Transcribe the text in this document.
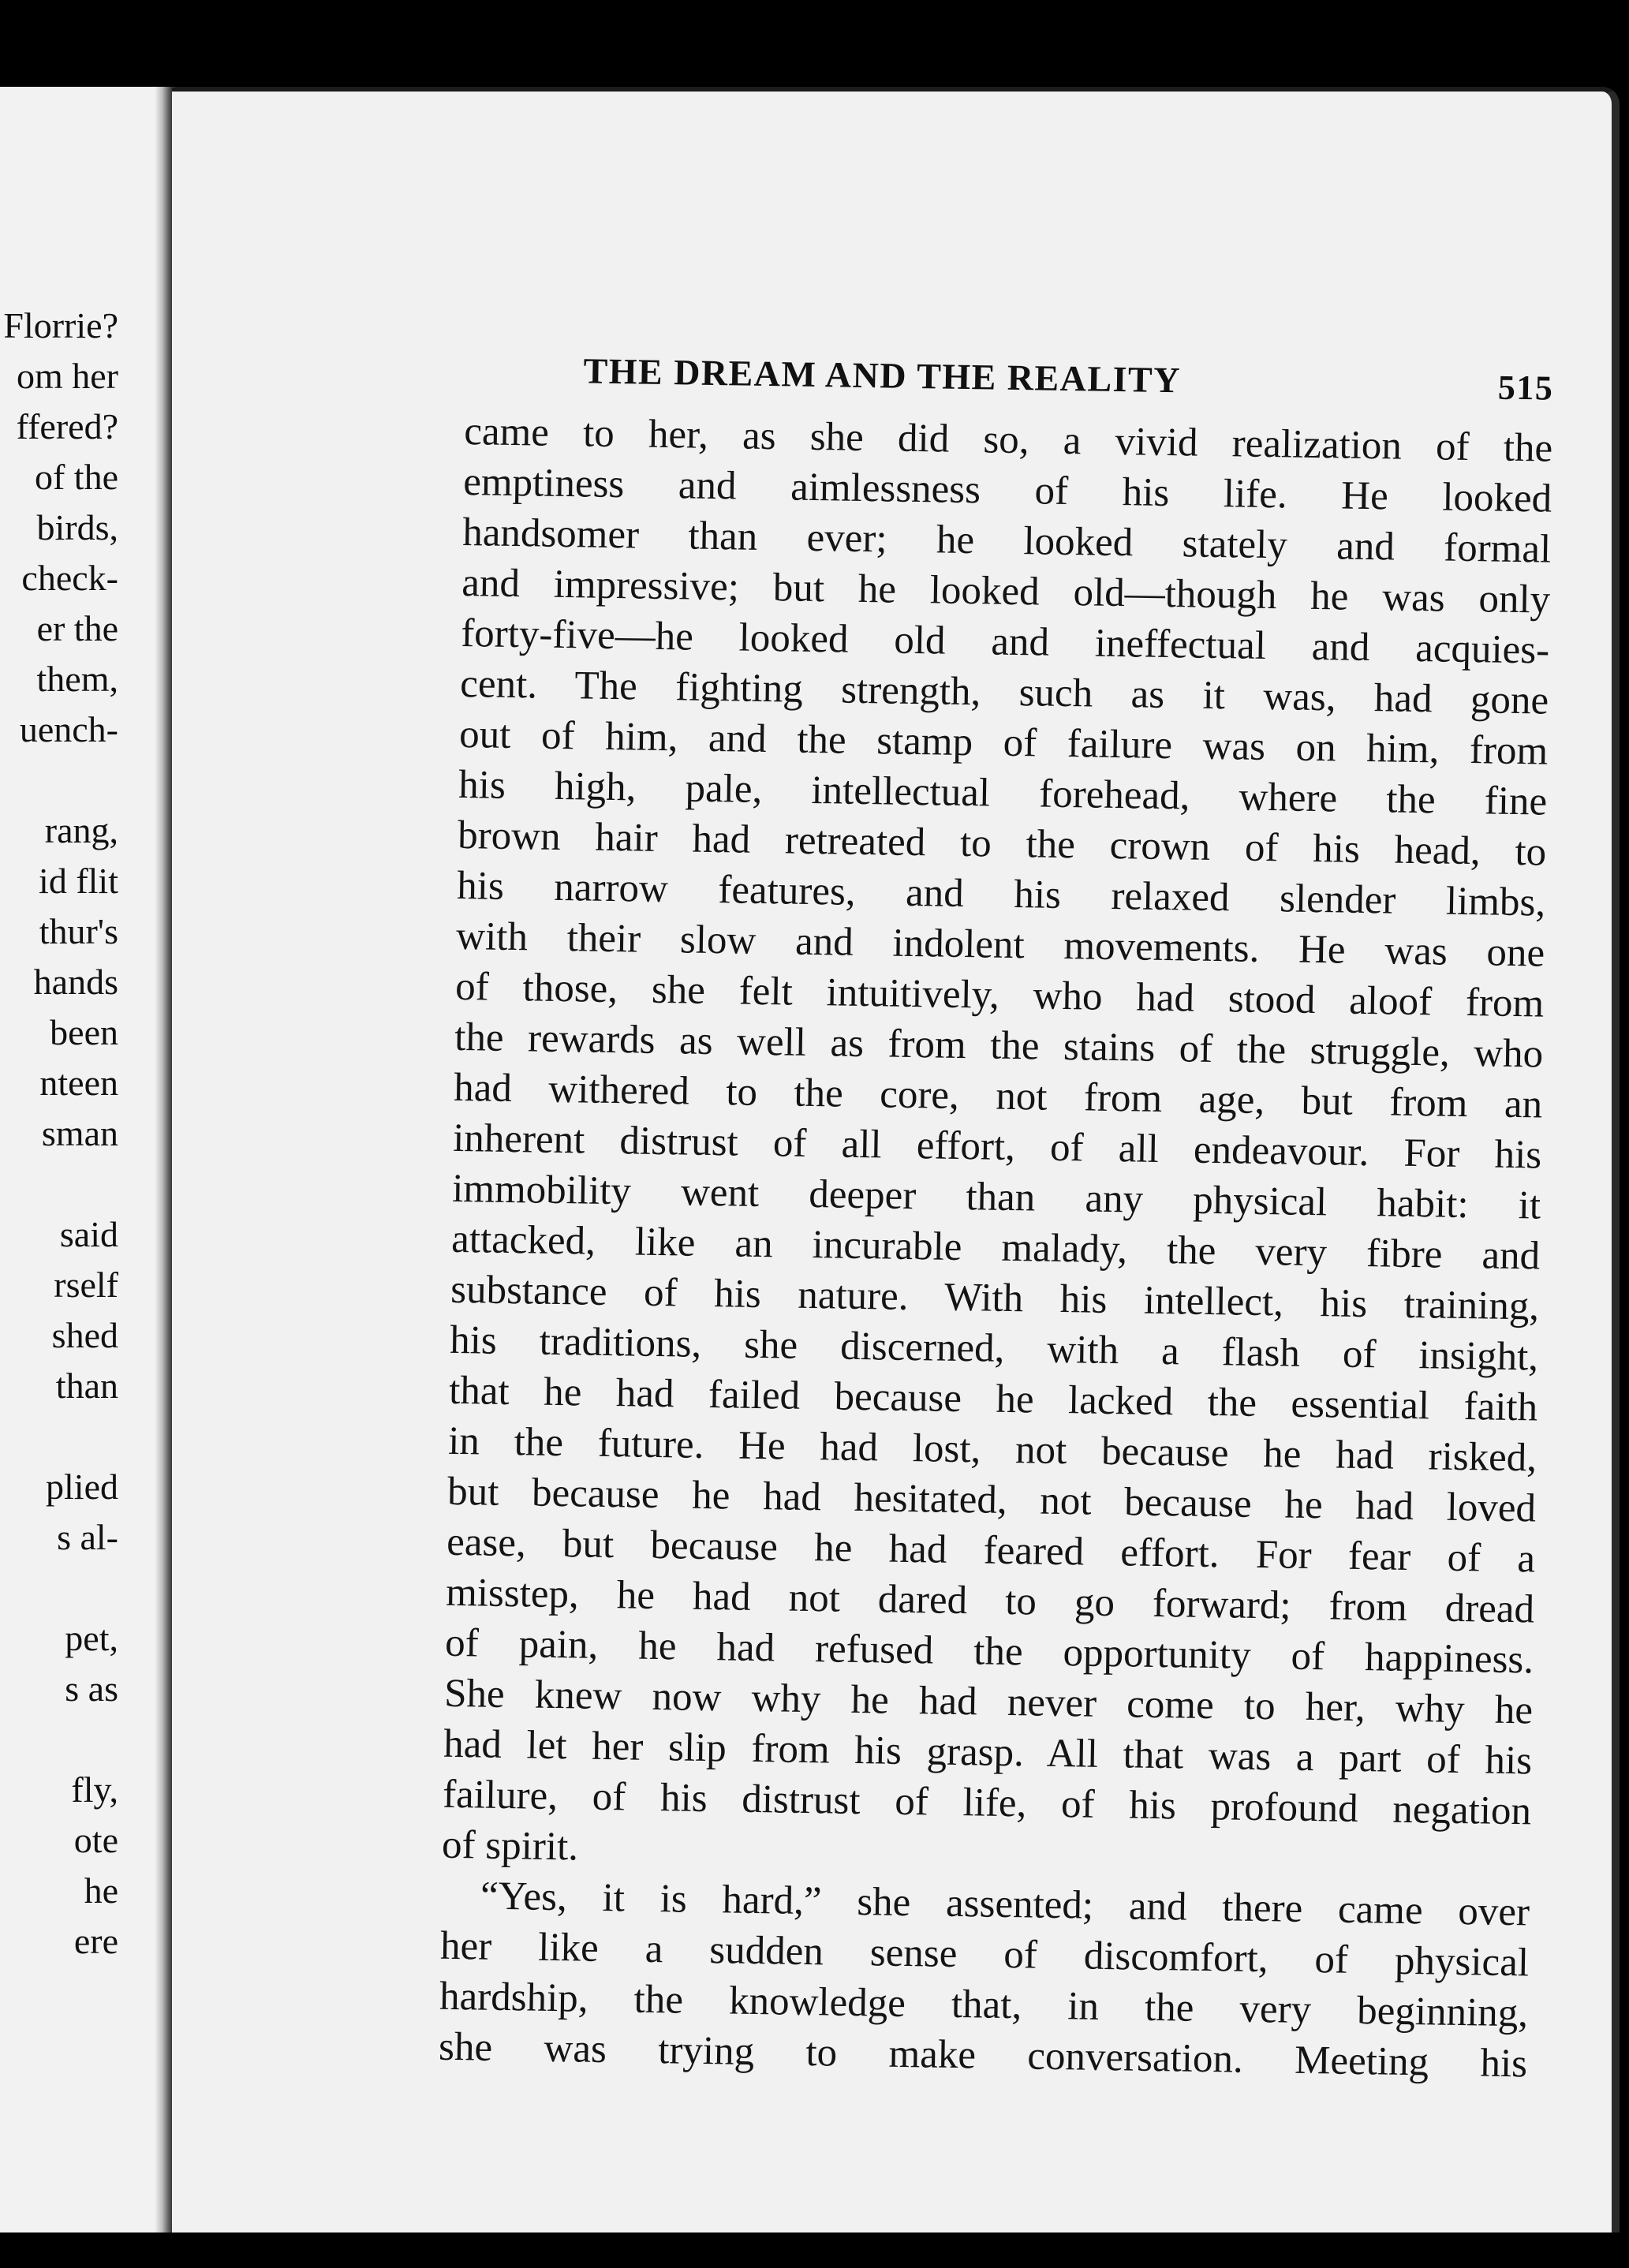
Florrie?
om her
ffered?
of the
birds,
check-
er the
them,
uench-
rang,
id flit
thur's
hands
been
nteen
sman
said
rself
shed
than
plied
s al-
pet,
s as
fly,
ote
he
ere
THE DREAM AND THE REALITY	515
came to her, as she did so, a vivid realization of the
emptiness and aimlessness of his life. He looked
handsomer than ever; he looked stately and formal
and impressive; but he looked old—though he was only
forty-five—he looked old and ineffectual and acquies-
cent. The fighting strength, such as it was, had gone
out of him, and the stamp of failure was on him, from
his high, pale, intellectual forehead, where the fine
brown hair had retreated to the crown of his head, to
his narrow features, and his relaxed slender limbs,
with their slow and indolent movements. He was one
of those, she felt intuitively, who had stood aloof from
the rewards as well as from the stains of the struggle, who
had withered to the core, not from age, but from an
inherent distrust of all effort, of all endeavour. For his
immobility went deeper than any physical habit: it
attacked, like an incurable malady, the very fibre and
substance of his nature. With his intellect, his training,
his traditions, she discerned, with a flash of insight,
that he had failed because he lacked the essential faith
in the future. He had lost, not because he had risked,
but because he had hesitated, not because he had loved
ease, but because he had feared effort. For fear of a
misstep, he had not dared to go forward; from dread
of pain, he had refused the opportunity of happiness.
She knew now why he had never come to her, why he
had let her slip from his grasp. All that was a part of his
failure, of his distrust of life, of his profound negation
of spirit.
“Yes, it is hard,” she assented; and there came over
her like a sudden sense of discomfort, of physical
hardship, the knowledge that, in the very beginning,
she was trying to make conversation. Meeting his
